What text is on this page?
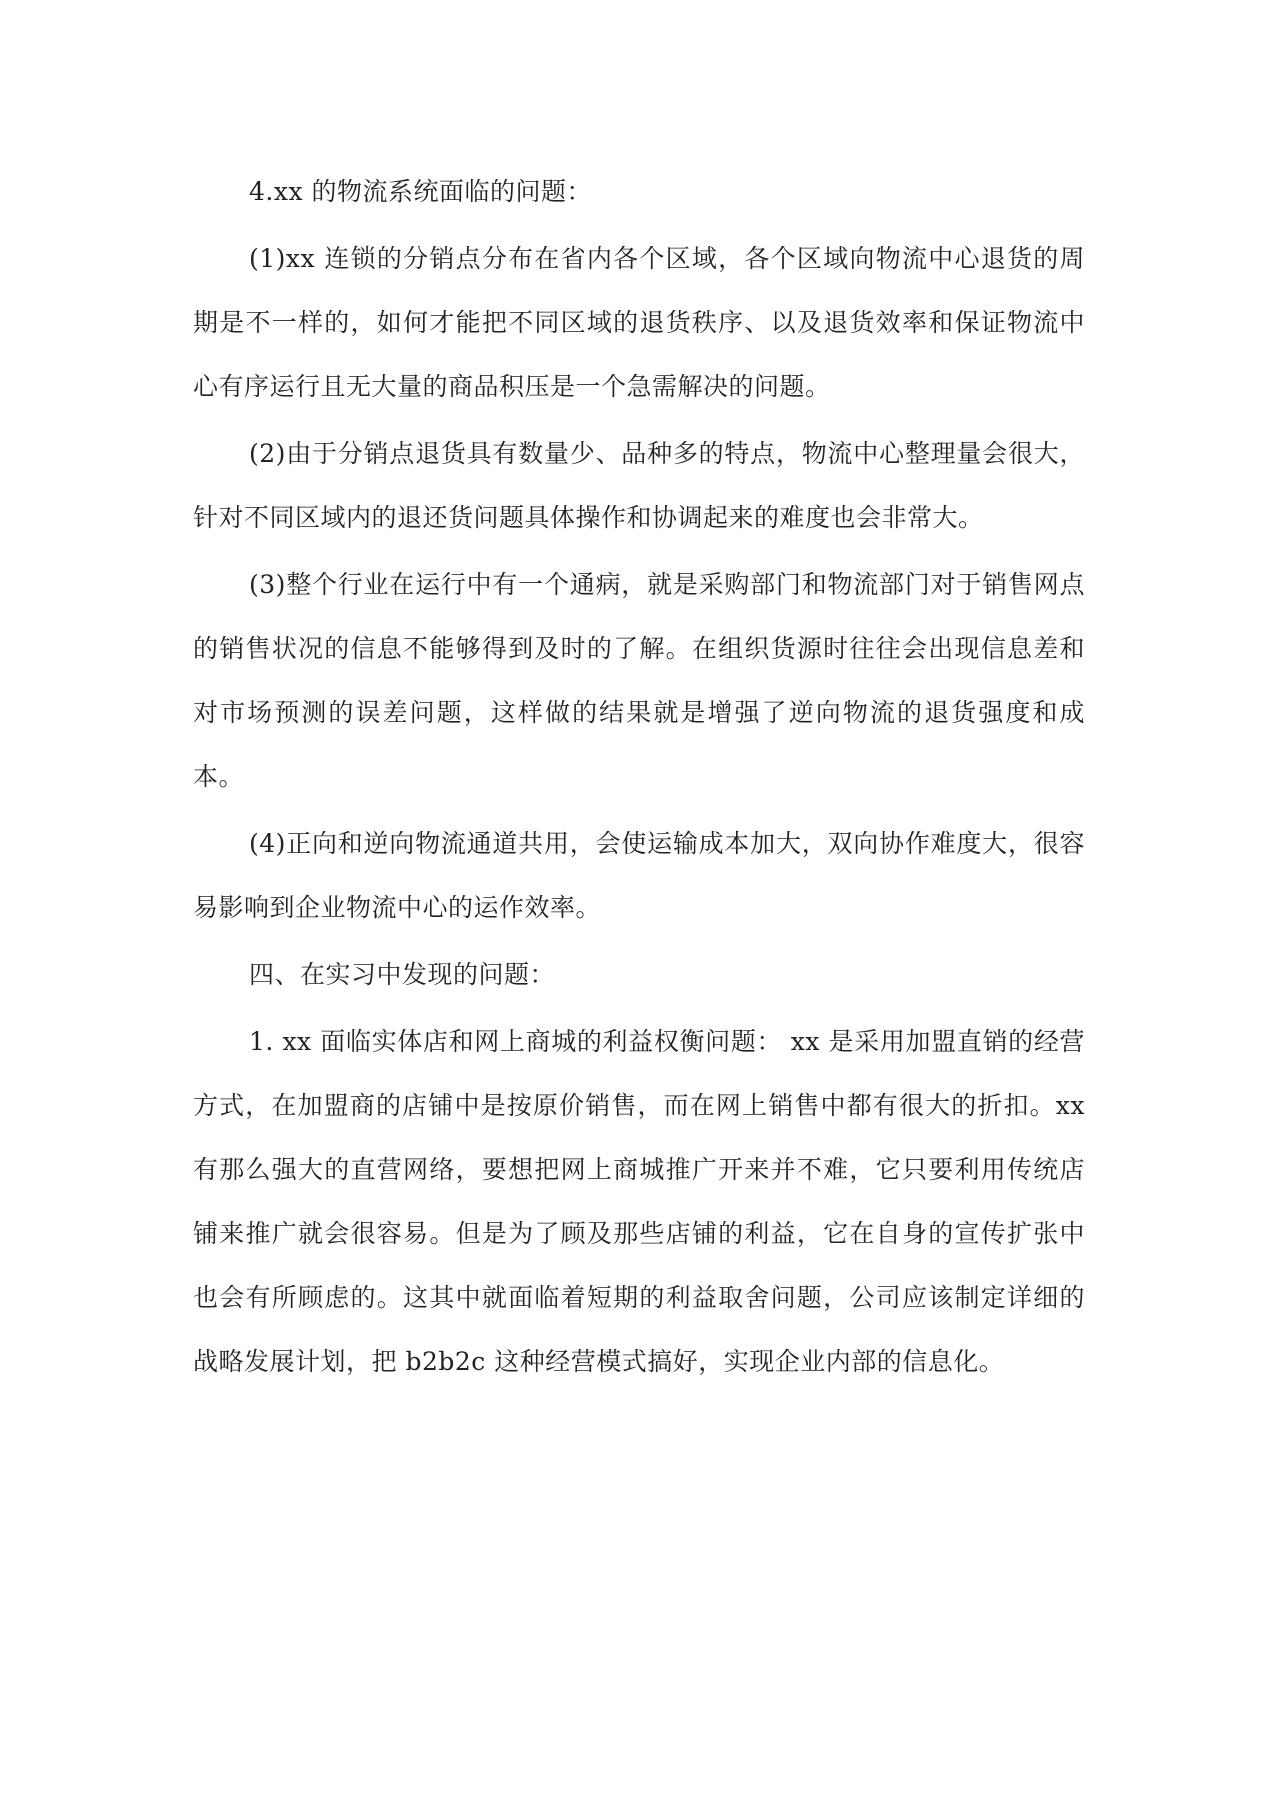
4.xx 的物流系统面临的问题：

(1)xx 连锁的分销点分布在省内各个区域，各个区域向物流中心退货的周期是不一样的，如何才能把不同区域的退货秩序、以及退货效率和保证物流中心有序运行且无大量的商品积压是一个急需解决的问题。

(2)由于分销点退货具有数量少、品种多的特点，物流中心整理量会很大，针对不同区域内的退还货问题具体操作和协调起来的难度也会非常大。

(3)整个行业在运行中有一个通病，就是采购部门和物流部门对于销售网点的销售状况的信息不能够得到及时的了解。在组织货源时往往会出现信息差和对市场预测的误差问题，这样做的结果就是增强了逆向物流的退货强度和成本。

(4)正向和逆向物流通道共用，会使运输成本加大，双向协作难度大，很容易影响到企业物流中心的运作效率。

四、在实习中发现的问题：

1. xx 面临实体店和网上商城的利益权衡问题： xx 是采用加盟直销的经营方式，在加盟商的店铺中是按原价销售，而在网上销售中都有很大的折扣。xx 有那么强大的直营网络，要想把网上商城推广开来并不难，它只要利用传统店铺来推广就会很容易。但是为了顾及那些店铺的利益，它在自身的宣传扩张中也会有所顾虑的。这其中就面临着短期的利益取舍问题，公司应该制定详细的战略发展计划，把 b2b2c 这种经营模式搞好，实现企业内部的信息化。
